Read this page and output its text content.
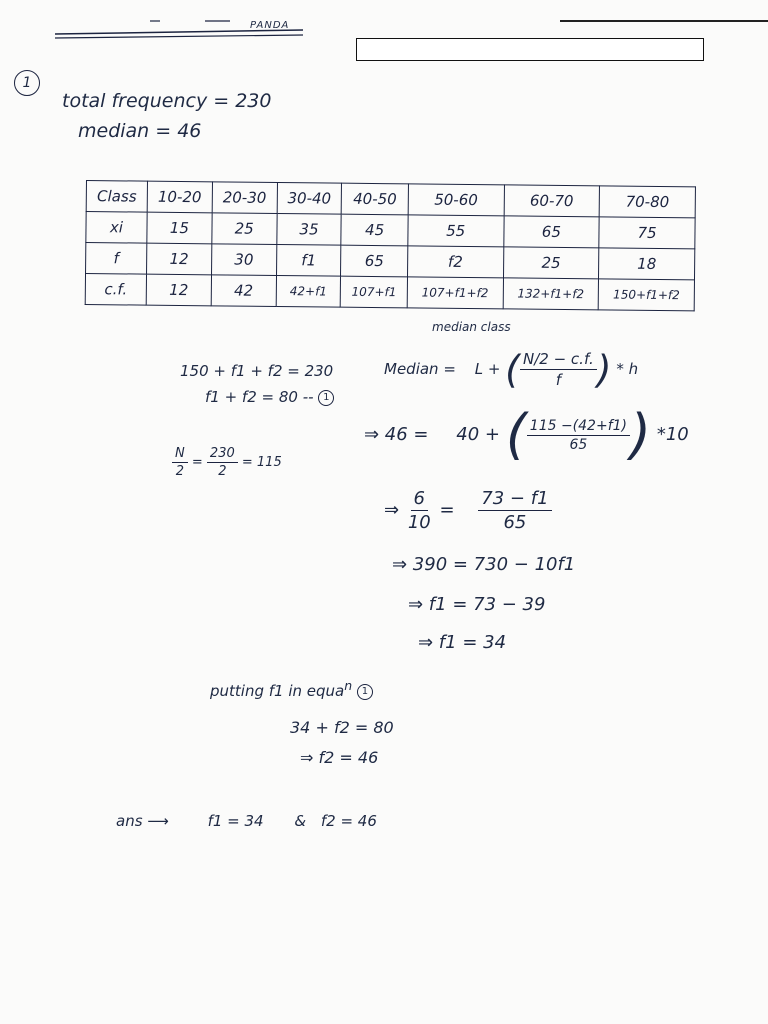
PANDA
1
total frequency = 230
median = 46
Class	10-20	20-30	30-40	40-50	50-60	60-70	70-80
xi	15	25	35	45	55	65	75
f	12	30	f1	65	f2	25	18
c.f.	12	42	42+f1	107+f1	107+f1+f2	132+f1+f2	150+f1+f2
median class
150 + f1 + f2 = 230
f1 + f2 = 80 -- 1
$\frac{N}{2} = \frac{230}{2} = 115$
Median = L + ( $\frac{N/2 - c.f.}{f}$ ) * h
⇒ 46 = 40 + ( $\frac{115 -(42+f1)}{65}$ ) *10
⇒ $\frac{6}{10} = \frac{73 - f1}{65}$
⇒ 390 = 730 − 10f1
⇒ f1 = 73 − 39
⇒ f1 = 34
putting f1 in equa$^n$ 1
34 + f2 = 80
⇒ f2 = 46
ans ⟶	f1 = 34 & f2 = 46
